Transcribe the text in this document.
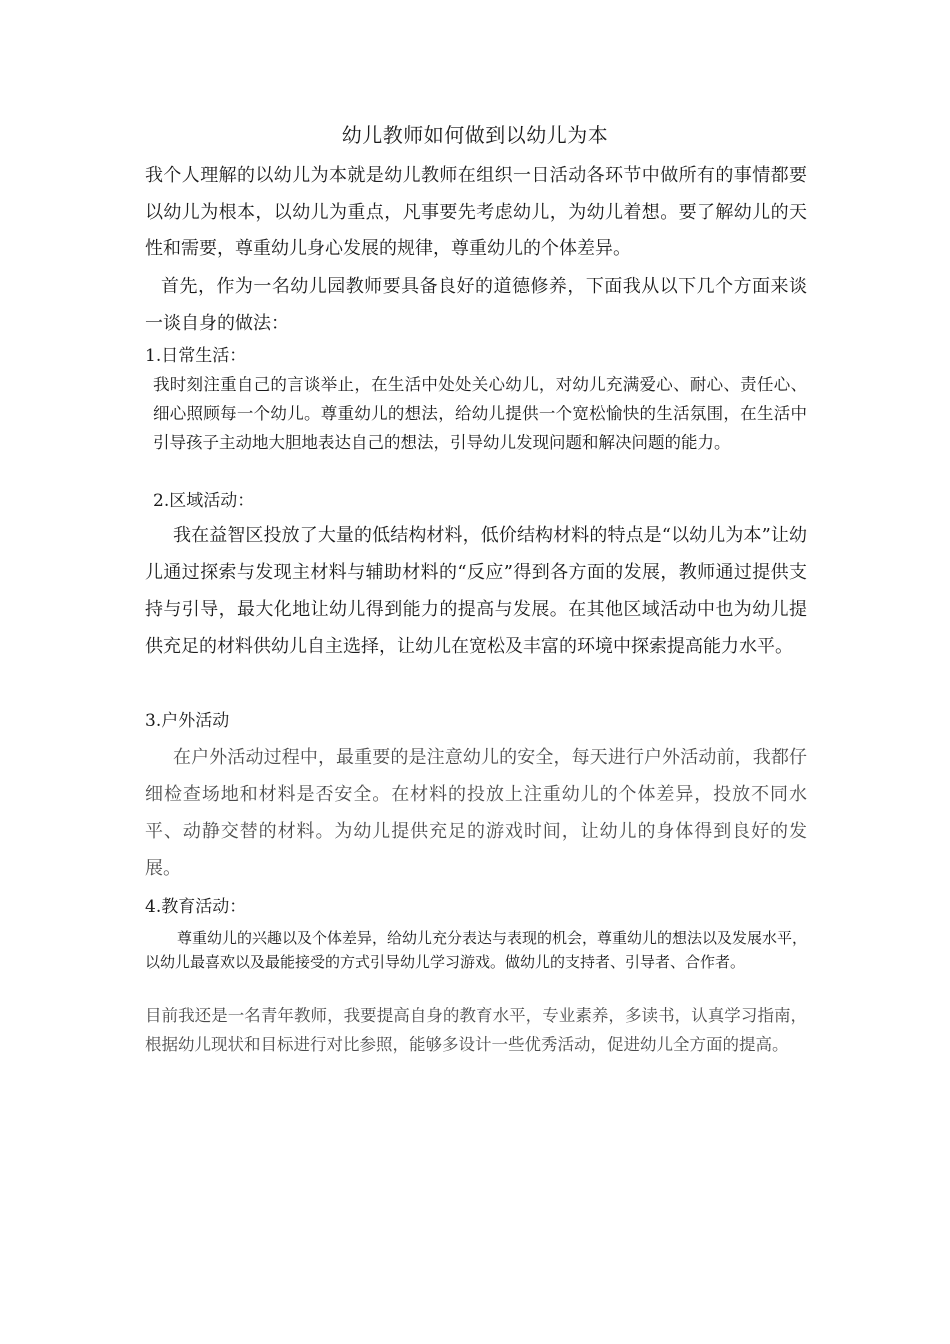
幼儿教师如何做到以幼儿为本

我个人理解的以幼儿为本就是幼儿教师在组织一日活动各环节中做所有的事情都要以幼儿为根本，以幼儿为重点，凡事要先考虑幼儿，为幼儿着想。要了解幼儿的天性和需要，尊重幼儿身心发展的规律，尊重幼儿的个体差异。

首先，作为一名幼儿园教师要具备良好的道德修养，下面我从以下几个方面来谈一谈自身的做法：

1.日常生活：

我时刻注重自己的言谈举止，在生活中处处关心幼儿，对幼儿充满爱心、耐心、责任心、细心照顾每一个幼儿。尊重幼儿的想法，给幼儿提供一个宽松愉快的生活氛围，在生活中引导孩子主动地大胆地表达自己的想法，引导幼儿发现问题和解决问题的能力。

2.区域活动：

我在益智区投放了大量的低结构材料，低价结构材料的特点是“以幼儿为本”让幼儿通过探索与发现主材料与辅助材料的“反应”得到各方面的发展，教师通过提供支持与引导，最大化地让幼儿得到能力的提高与发展。在其他区域活动中也为幼儿提供充足的材料供幼儿自主选择，让幼儿在宽松及丰富的环境中探索提高能力水平。

3.户外活动

在户外活动过程中，最重要的是注意幼儿的安全，每天进行户外活动前，我都仔细检查场地和材料是否安全。在材料的投放上注重幼儿的个体差异，投放不同水平、动静交替的材料。为幼儿提供充足的游戏时间，让幼儿的身体得到良好的发展。

4.教育活动：

尊重幼儿的兴趣以及个体差异，给幼儿充分表达与表现的机会，尊重幼儿的想法以及发展水平，以幼儿最喜欢以及最能接受的方式引导幼儿学习游戏。做幼儿的支持者、引导者、合作者。

目前我还是一名青年教师，我要提高自身的教育水平，专业素养，多读书，认真学习指南，根据幼儿现状和目标进行对比参照，能够多设计一些优秀活动，促进幼儿全方面的提高。
